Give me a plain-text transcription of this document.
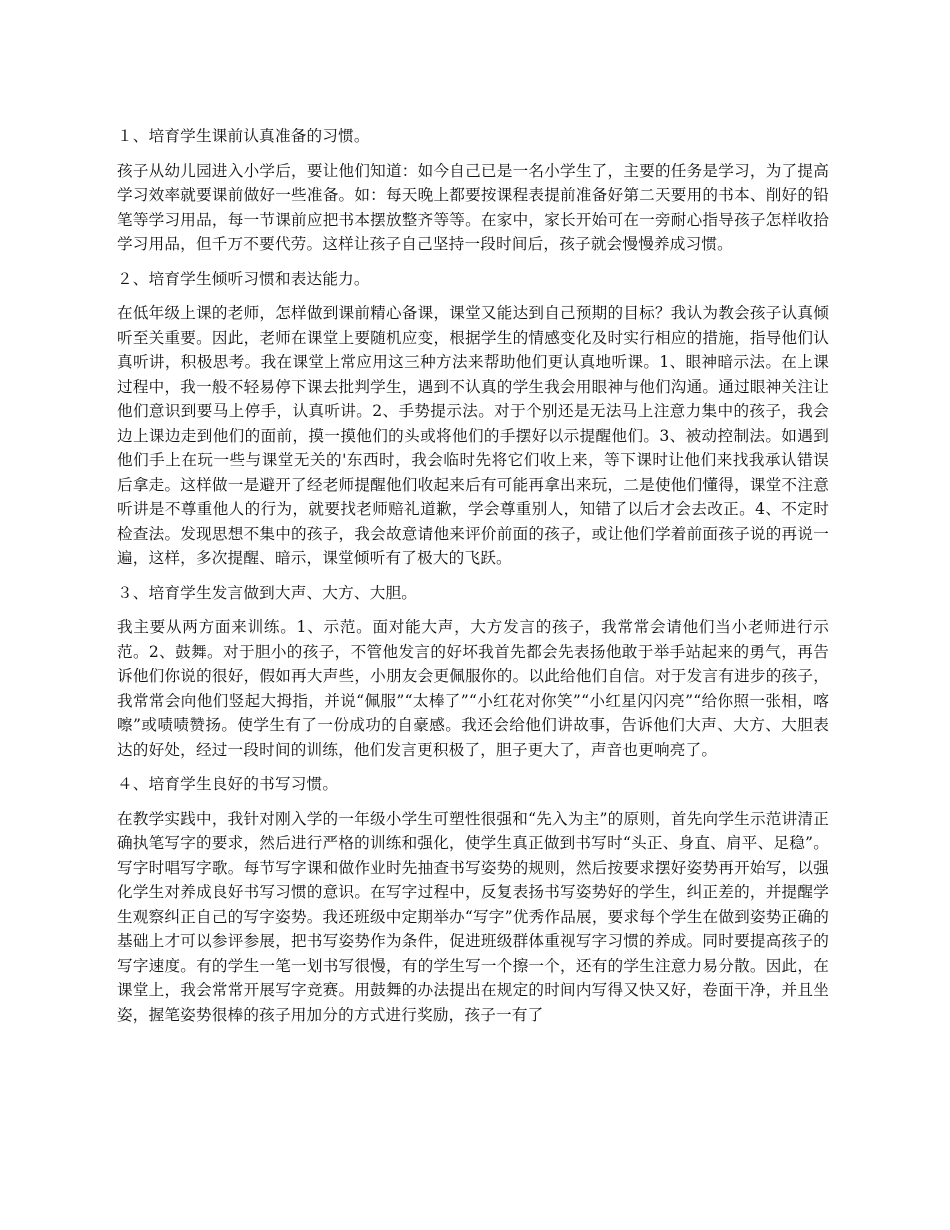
１、培育学生课前认真准备的习惯。

孩子从幼儿园进入小学后，要让他们知道：如今自己已是一名小学生了，主要的任务是学习，为了提高学习效率就要课前做好一些准备。如：每天晚上都要按课程表提前准备好第二天要用的书本、削好的铅笔等学习用品，每一节课前应把书本摆放整齐等等。在家中，家长开始可在一旁耐心指导孩子怎样收拾学习用品，但千万不要代劳。这样让孩子自己坚持一段时间后，孩子就会慢慢养成习惯。

２、培育学生倾听习惯和表达能力。

在低年级上课的老师，怎样做到课前精心备课，课堂又能达到自己预期的目标？我认为教会孩子认真倾听至关重要。因此，老师在课堂上要随机应变，根据学生的情感变化及时实行相应的措施，指导他们认真听讲，积极思考。我在课堂上常应用这三种方法来帮助他们更认真地听课。1、眼神暗示法。在上课过程中，我一般不轻易停下课去批判学生，遇到不认真的学生我会用眼神与他们沟通。通过眼神关注让他们意识到要马上停手，认真听讲。2、手势提示法。对于个别还是无法马上注意力集中的孩子，我会边上课边走到他们的面前，摸一摸他们的头或将他们的手摆好以示提醒他们。3、被动控制法。如遇到他们手上在玩一些与课堂无关的'东西时，我会临时先将它们收上来，等下课时让他们来找我承认错误后拿走。这样做一是避开了经老师提醒他们收起来后有可能再拿出来玩，二是使他们懂得，课堂不注意听讲是不尊重他人的行为，就要找老师赔礼道歉，学会尊重别人，知错了以后才会去改正。4、不定时检查法。发现思想不集中的孩子，我会故意请他来评价前面的孩子，或让他们学着前面孩子说的再说一遍，这样，多次提醒、暗示，课堂倾听有了极大的飞跃。

３、培育学生发言做到大声、大方、大胆。

我主要从两方面来训练。1、示范。面对能大声，大方发言的孩子，我常常会请他们当小老师进行示范。2、鼓舞。对于胆小的孩子，不管他发言的好坏我首先都会先表扬他敢于举手站起来的勇气，再告诉他们你说的很好，假如再大声些，小朋友会更佩服你的。以此给他们自信。对于发言有进步的孩子，我常常会向他们竖起大拇指，并说“佩服”“太棒了”“小红花对你笑”“小红星闪闪亮”“给你照一张相，喀嚓”或啧啧赞扬。使学生有了一份成功的自豪感。我还会给他们讲故事，告诉他们大声、大方、大胆表达的好处，经过一段时间的训练，他们发言更积极了，胆子更大了，声音也更响亮了。

４、培育学生良好的书写习惯。

在教学实践中，我针对刚入学的一年级小学生可塑性很强和“先入为主”的原则，首先向学生示范讲清正确执笔写字的要求，然后进行严格的训练和强化，使学生真正做到书写时“头正、身直、肩平、足稳”。写字时唱写字歌。每节写字课和做作业时先抽查书写姿势的规则，然后按要求摆好姿势再开始写，以强化学生对养成良好书写习惯的意识。在写字过程中，反复表扬书写姿势好的学生，纠正差的，并提醒学生观察纠正自己的写字姿势。我还班级中定期举办“写字”优秀作品展，要求每个学生在做到姿势正确的基础上才可以参评参展，把书写姿势作为条件，促进班级群体重视写字习惯的养成。同时要提高孩子的写字速度。有的学生一笔一划书写很慢，有的学生写一个擦一个，还有的学生注意力易分散。因此，在课堂上，我会常常开展写字竞赛。用鼓舞的办法提出在规定的时间内写得又快又好，卷面干净，并且坐姿，握笔姿势很棒的孩子用加分的方式进行奖励，孩子一有了
